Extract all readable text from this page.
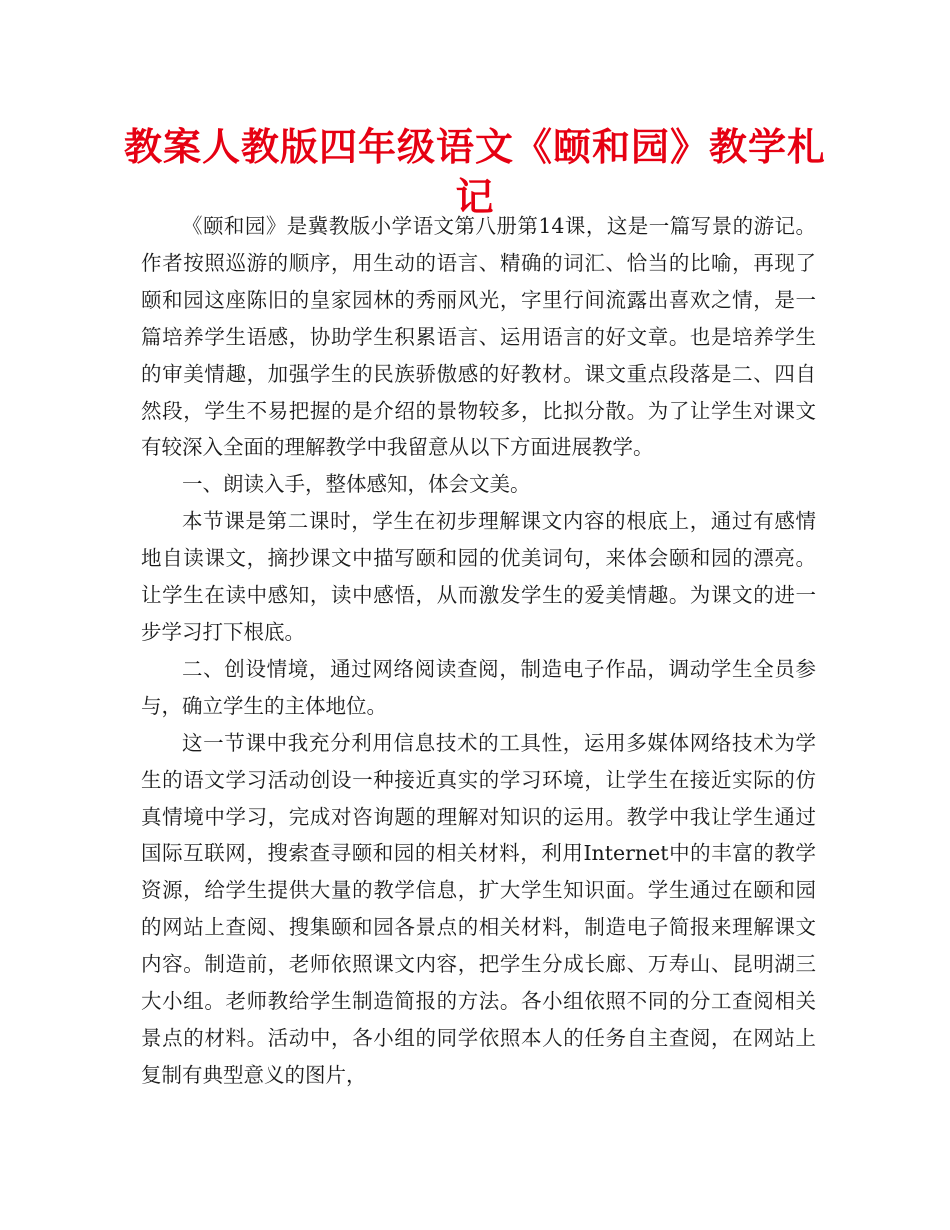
教案人教版四年级语文《颐和园》教学札记

《颐和园》是冀教版小学语文第八册第14课，这是一篇写景的游记。作者按照巡游的顺序，用生动的语言、精确的词汇、恰当的比喻，再现了颐和园这座陈旧的皇家园林的秀丽风光，字里行间流露出喜欢之情，是一篇培养学生语感，协助学生积累语言、运用语言的好文章。也是培养学生的审美情趣，加强学生的民族骄傲感的好教材。课文重点段落是二、四自然段，学生不易把握的是介绍的景物较多，比拟分散。为了让学生对课文有较深入全面的理解教学中我留意从以下方面进展教学。

一、朗读入手，整体感知，体会文美。

本节课是第二课时，学生在初步理解课文内容的根底上，通过有感情地自读课文，摘抄课文中描写颐和园的优美词句，来体会颐和园的漂亮。让学生在读中感知，读中感悟，从而激发学生的爱美情趣。为课文的进一步学习打下根底。

二、创设情境，通过网络阅读查阅，制造电子作品，调动学生全员参与，确立学生的主体地位。

这一节课中我充分利用信息技术的工具性，运用多媒体网络技术为学生的语文学习活动创设一种接近真实的学习环境，让学生在接近实际的仿真情境中学习，完成对咨询题的理解对知识的运用。教学中我让学生通过国际互联网，搜索查寻颐和园的相关材料，利用Internet中的丰富的教学资源，给学生提供大量的教学信息，扩大学生知识面。学生通过在颐和园的网站上查阅、搜集颐和园各景点的相关材料，制造电子简报来理解课文内容。制造前，老师依照课文内容，把学生分成长廊、万寿山、昆明湖三大小组。老师教给学生制造简报的方法。各小组依照不同的分工查阅相关景点的材料。活动中，各小组的同学依照本人的任务自主查阅，在网站上复制有典型意义的图片，
